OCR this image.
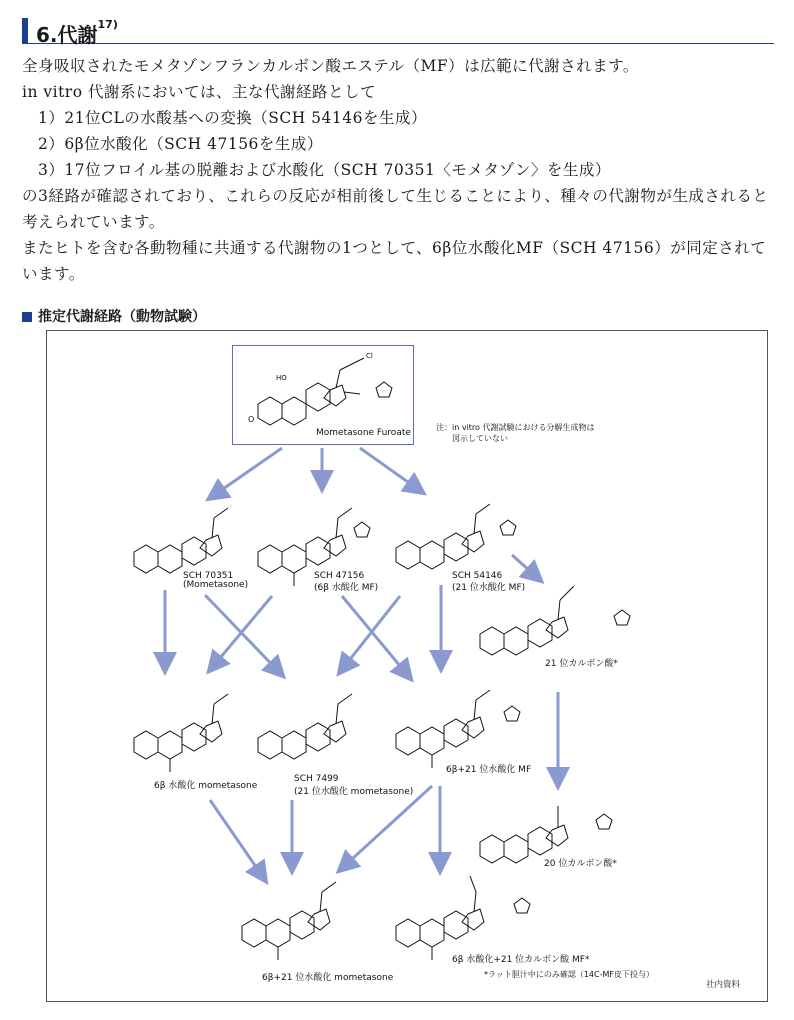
6.代謝$^{17)}$
全身吸収されたモメタゾンフランカルボン酸エステル（MF）は広範に代謝されます。
in vitro 代謝系においては、主な代謝経路として
　1）21位CLの水酸基への変換（SCH 54146を生成）
　2）6β位水酸化（SCH 47156を生成）
　3）17位フロイル基の脱離および水酸化（SCH 70351〈モメタゾン〉を生成）
の3経路が確認されており、これらの反応が相前後して生じることにより、種々の代謝物が生成されると
考えられています。
またヒトを含む各動物種に共通する代謝物の1つとして、6β位水酸化MF（SCH 47156）が同定されて
います。
推定代謝経路（動物試験）
O
HO
Cl
Mometasone Furoate
注：in vitro 代謝試験における分解生成物は
図示していない
SCH 70351
(Mometasone)
SCH 47156
(6β 水酸化 MF)
SCH 54146
(21 位水酸化 MF)
21 位カルボン酸*
6β 水酸化 mometasone
SCH 7499
(21 位水酸化 mometasone)
6β+21 位水酸化 MF
20 位カルボン酸*
6β+21 位水酸化 mometasone
6β 水酸化+21 位カルボン酸 MF*
*ラット胆汁中にのみ確認（14C-MF皮下投与）
社内資料
